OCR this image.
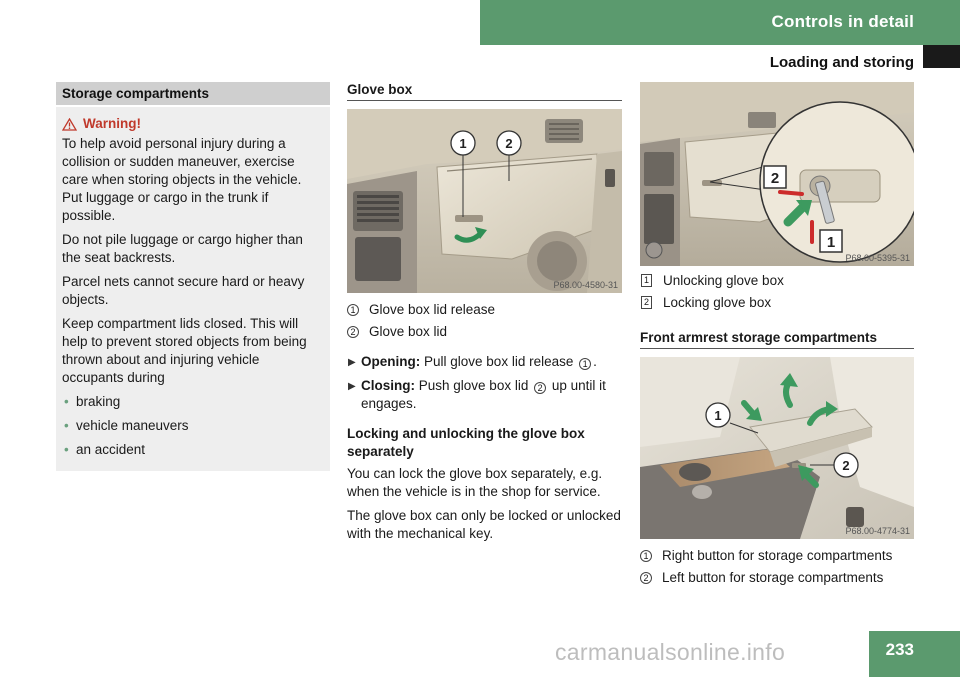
Controls in detail
Loading and storing
Storage compartments
Warning!

To help avoid personal injury during a collision or sudden maneuver, exercise care when storing objects in the vehicle. Put luggage or cargo in the trunk if possible.

Do not pile luggage or cargo higher than the seat backrests.

Parcel nets cannot secure hard or heavy objects.

Keep compartment lids closed. This will help to prevent stored objects from being thrown about and injuring vehicle occupants during

• braking
• vehicle maneuvers
• an accident
Glove box
1	2
P68.00-4580-31
1 Glove box lid release
2 Glove box lid
▶ Opening: Pull glove box lid release 1 .
▶ Closing: Push glove box lid 2 up until it engages.
Locking and unlocking the glove box separately

You can lock the glove box separately, e.g. when the vehicle is in the shop for service.

The glove box can only be locked or unlocked with the mechanical key.

2
1
P68.00-5395-31
1 Unlocking glove box
2 Locking glove box
Front armrest storage compartments
1
2
P68.00-4774-31
1 Right button for storage compartments
2 Left button for storage compartments
carmanualsonline.info	233
